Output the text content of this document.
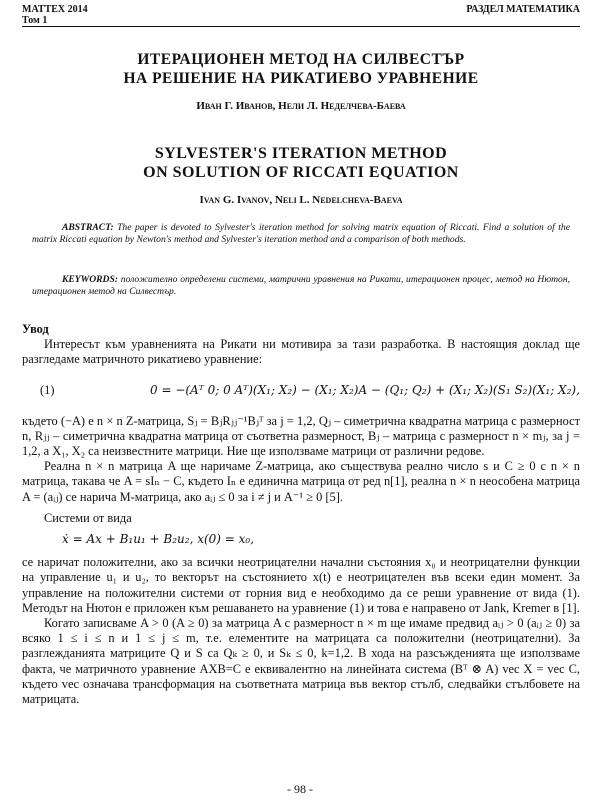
MATTEX 2014
Том 1
РАЗДЕЛ МАТЕМАТИКА
ИТЕРАЦИОНЕН МЕТОД НА СИЛВЕСТЪР
НА РЕШЕНИЕ НА РИКАТИЕВО УРАВНЕНИЕ
Иван Г. Иванов, Нели Л. Неделчева-Баева
SYLVESTER'S ITERATION METHOD
ON SOLUTION OF RICCATI EQUATION
Ivan G. Ivanov, Neli L. Nedelcheva-Baeva
ABSTRACT: The paper is devoted to Sylvester's iteration method for solving matrix equation of Riccati. Find a solution of the matrix Riccati equation by Newton's method and Sylvester's iteration method and a comparison of both methods.
KEYWORDS: положително определени системи, матрични уравнения на Рикати, итерационен процес, метод на Нютон, итерационен метод на Силвестър.
Увод

Интересът към уравненията на Рикати ни мотивира за тази разработка. В настоящия доклад ще разгледаме матричното рикатиево уравнение:

(1)	0 = −(Aᵀ 0; 0 Aᵀ)(X₁; X₂) − (X₁; X₂)A − (Q₁; Q₂) + (X₁; X₂)(S₁ S₂)(X₁; X₂),

където (−A) е n × n Z-матрица, Sⱼ = BⱼRⱼⱼ⁻¹Bⱼᵀ за j = 1,2, Qⱼ – симетрична квадратна матрица с размерност n, Rⱼⱼ – симетрична квадратна матрица от съответна размерност, Bⱼ – матрица с размерност n × mⱼ, за j = 1,2, а X₁, X₂ са неизвестните матрици. Ние ще използваме матрици от различни редове.

Реална n × n матрица A ще наричаме Z-матрица, ако съществува реално число s и C ≥ 0 с n × n матрица, такава че A = sIₙ − C, където Iₙ е единична матрица от ред n[1], реална n × n неособена матрица A = (aᵢⱼ) се нарича M-матрица, ако aᵢⱼ ≤ 0 за i ≠ j и A⁻¹ ≥ 0 [5].

Системи от вида
ẋ = Ax + B₁u₁ + B₂u₂, x(0) = x₀,

се наричат положителни, ако за всички неотрицателни начални състояния x₀ и неотрицателни функции на управление u₁ и u₂, то векторът на състоянието x(t) е неотрицателен във всеки един момент. За управление на положителни системи от горния вид е необходимо да се реши уравнение от вида (1). Методът на Нютон е приложен към решаването на уравнение (1) и това е направено от Jank, Kremer в [1].

Когато записваме A > 0 (A ≥ 0) за матрица A с размерност n × m ще имаме предвид aᵢⱼ > 0 (aᵢⱼ ≥ 0) за всяко 1 ≤ i ≤ n и 1 ≤ j ≤ m, т.е. елементите на матрицата са положителни (неотрицателни). За разглежданията матриците Q и S са Qₖ ≥ 0, и Sₖ ≤ 0, k=1,2. В хода на разсъжденията ще използваме факта, че матричното уравнение AXB=C е еквивалентно на линейната система (Bᵀ ⊗ A) vec X = vec C, където vec означава трансформация на съответната матрица във вектор стълб, следвайки стълбовете на матрицата.

- 98 -
